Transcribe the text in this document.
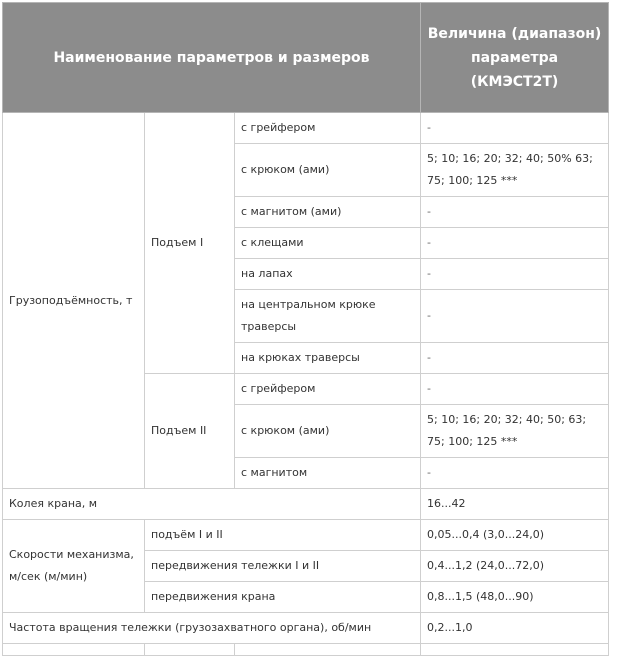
Наименование параметров и размеров			Величина (диапазон) параметра (КМЭСТ2Т)
Грузоподъёмность, т	Подъем I	с грейфером	-
		с крюком (ами)	5; 10; 16; 20; 32; 40; 50% 63; 75; 100; 125 ***
		с магнитом (ами)	-
		с клещами	-
		на лапах	-
		на центральном крюке траверсы	-
		на крюках траверсы	-
	Подъем II	с грейфером	-
		с крюком (ами)	5; 10; 16; 20; 32; 40; 50; 63; 75; 100; 125 ***
		с магнитом	-
Колея крана, м			16...42
Скорости механизма, м/сек (м/мин)	подъём I и II		0,05...0,4 (3,0...24,0)
	передвижения тележки I и II		0,4...1,2 (24,0...72,0)
	передвижения крана		0,8...1,5 (48,0...90)
Частота вращения тележки (грузозахватного органа), об/мин			0,2...1,0
